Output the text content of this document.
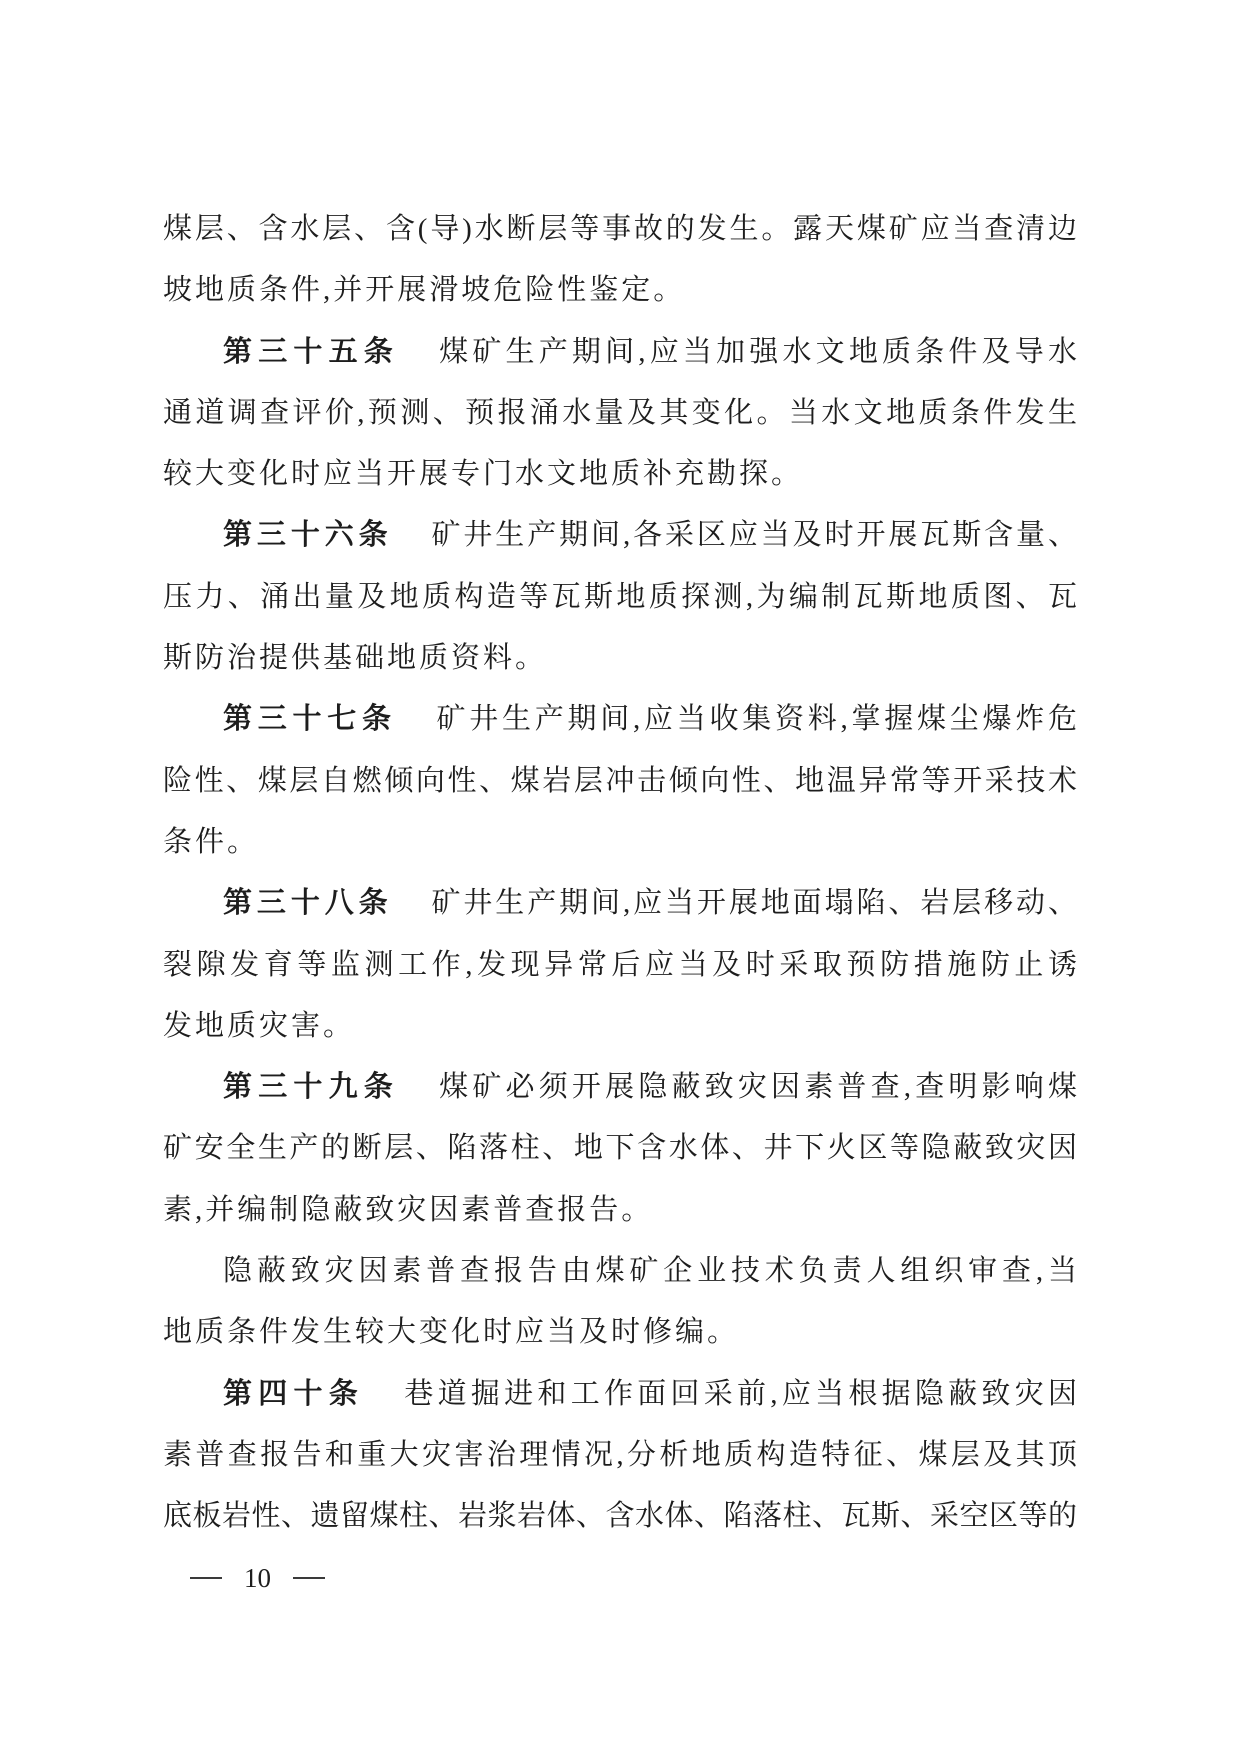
煤层、含水层、含(导)水断层等事故的发生。露天煤矿应当查清边
坡地质条件,并开展滑坡危险性鉴定。
第三十五条 煤矿生产期间,应当加强水文地质条件及导水
通道调查评价,预测、预报涌水量及其变化。当水文地质条件发生
较大变化时应当开展专门水文地质补充勘探。
第三十六条 矿井生产期间,各采区应当及时开展瓦斯含量、
压力、涌出量及地质构造等瓦斯地质探测,为编制瓦斯地质图、瓦
斯防治提供基础地质资料。
第三十七条 矿井生产期间,应当收集资料,掌握煤尘爆炸危
险性、煤层自燃倾向性、煤岩层冲击倾向性、地温异常等开采技术
条件。
第三十八条 矿井生产期间,应当开展地面塌陷、岩层移动、
裂隙发育等监测工作,发现异常后应当及时采取预防措施防止诱
发地质灾害。
第三十九条 煤矿必须开展隐蔽致灾因素普查,查明影响煤
矿安全生产的断层、陷落柱、地下含水体、井下火区等隐蔽致灾因
素,并编制隐蔽致灾因素普查报告。
隐蔽致灾因素普查报告由煤矿企业技术负责人组织审查,当
地质条件发生较大变化时应当及时修编。
第四十条 巷道掘进和工作面回采前,应当根据隐蔽致灾因
素普查报告和重大灾害治理情况,分析地质构造特征、煤层及其顶
底板岩性、遗留煤柱、岩浆岩体、含水体、陷落柱、瓦斯、采空区等的
10
